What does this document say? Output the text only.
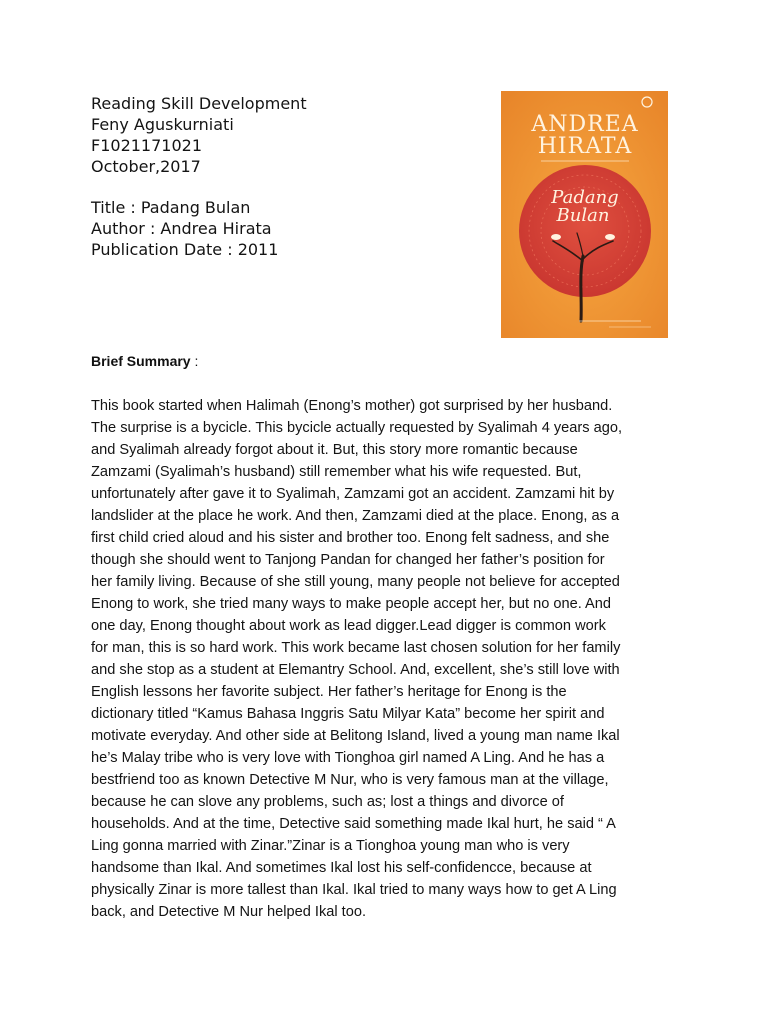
Reading Skill Development
Feny Aguskurniati
F1021171021
October,2017
Title : Padang Bulan
Author : Andrea Hirata
Publication Date : 2011
ANDREA
HIRATA
Padang
Bulan
Brief Summary :
This book started when Halimah (Enong’s mother) got surprised by her husband.
The surprise is a bycicle. This bycicle actually requested by Syalimah 4 years ago,
and Syalimah already forgot about it. But, this story more romantic because
Zamzami (Syalimah’s husband) still remember what his wife requested. But,
unfortunately after gave it to Syalimah, Zamzami got an accident. Zamzami hit by
landslider at the place he work. And then, Zamzami died at the place. Enong, as a
first child cried aloud and his sister and brother too. Enong felt sadness, and she
though she should went to Tanjong Pandan for changed her father’s position for
her family living. Because of she still young, many people not believe for accepted
Enong to work, she tried many ways to make people accept her, but no one. And
one day, Enong thought about work as lead digger.Lead digger is common work
for man, this is so hard work. This work became last chosen solution for her family
and she stop as a student at Elemantry School. And, excellent, she’s still love with
English lessons her favorite subject. Her father’s heritage for Enong is the
dictionary titled “Kamus Bahasa Inggris Satu Milyar Kata” become her spirit and
motivate everyday. And other side at Belitong Island, lived a young man name Ikal
he’s Malay tribe who is very love with Tionghoa girl named A Ling. And he has a
bestfriend too as known Detective M Nur, who is very famous man at the village,
because he can slove any problems, such as; lost a things and divorce of
households. And at the time, Detective said something made Ikal hurt, he said “ A
Ling gonna married with Zinar.”Zinar is a Tionghoa young man who is very
handsome than Ikal. And sometimes Ikal lost his self-confidencce, because at
physically Zinar is more tallest than Ikal. Ikal tried to many ways how to get A Ling
back, and Detective M Nur helped Ikal too.
